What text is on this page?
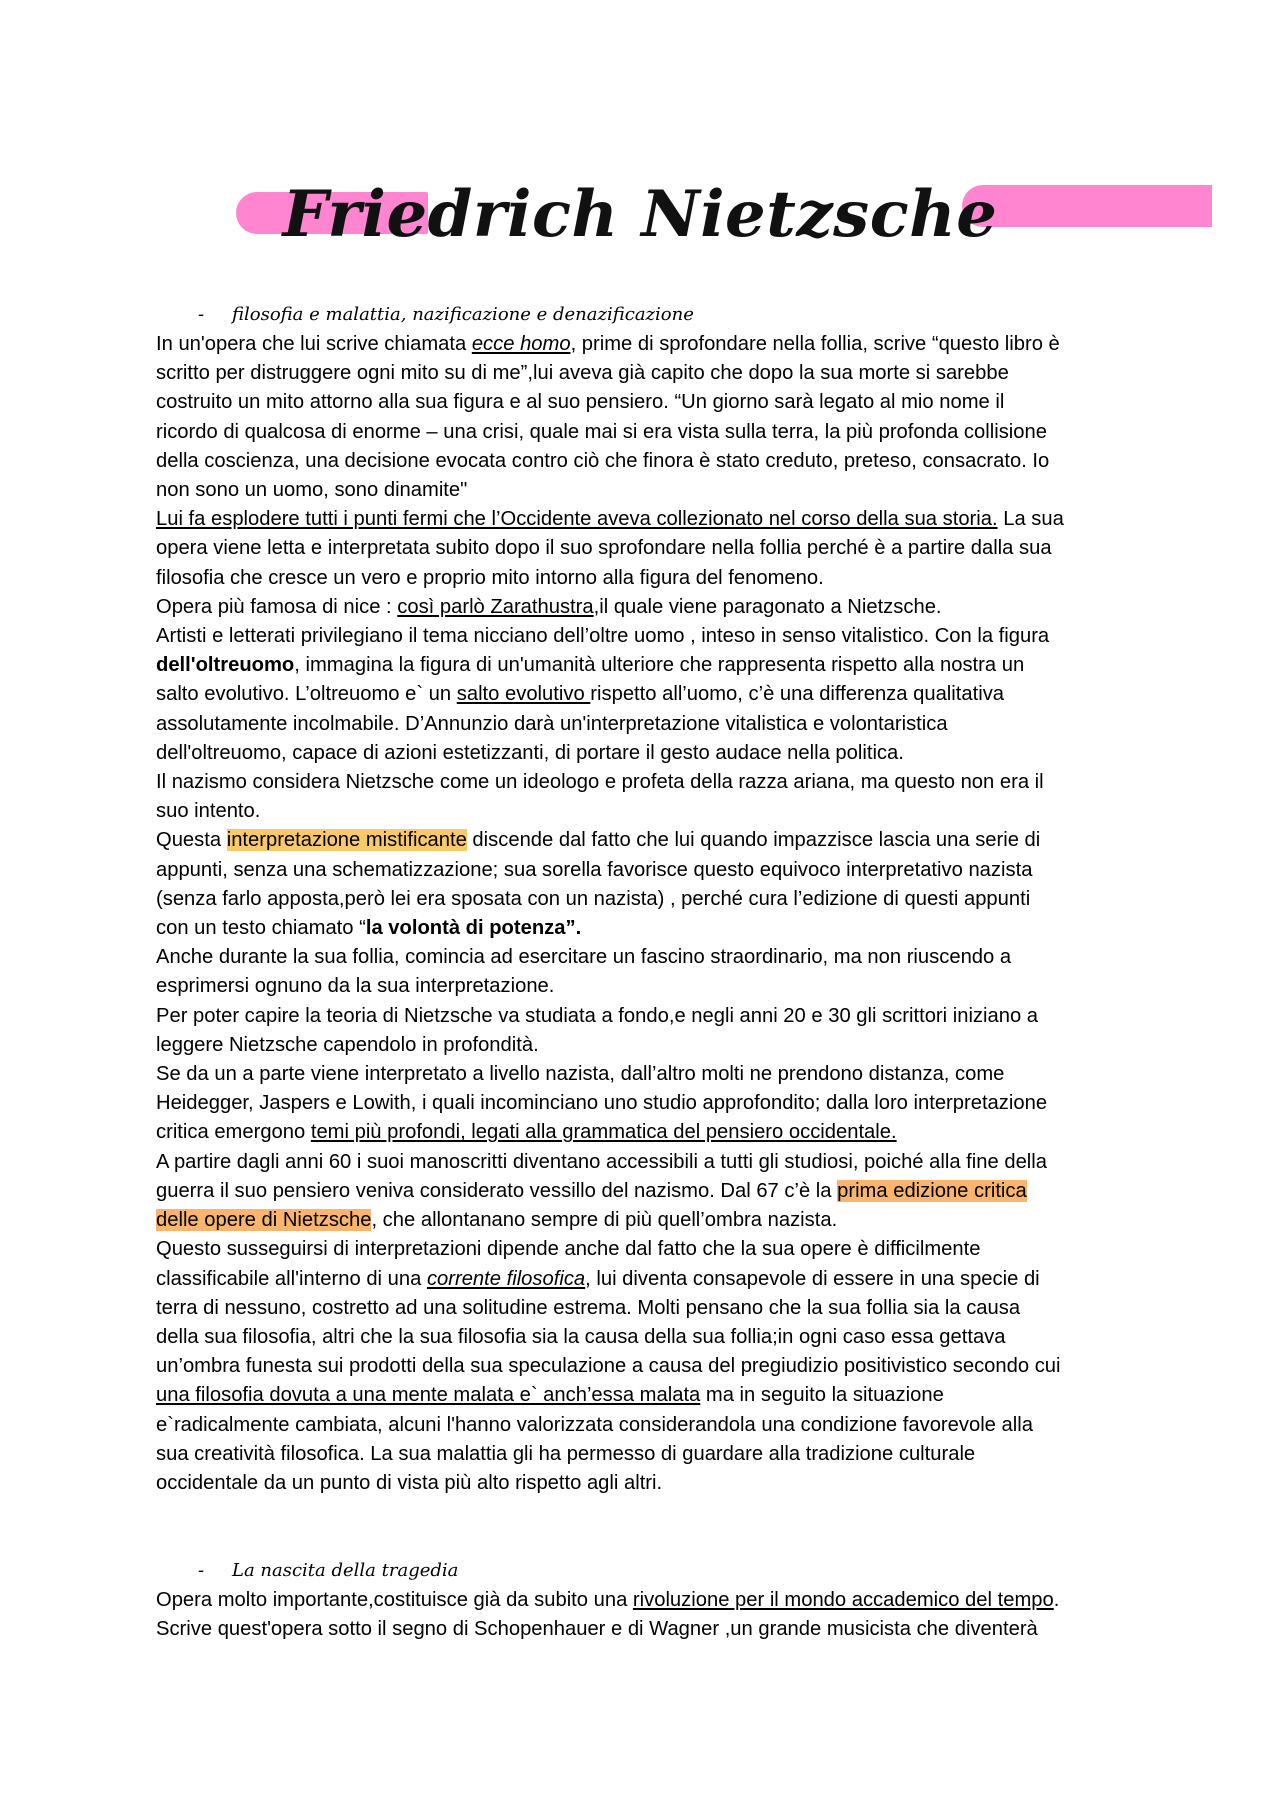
Friedrich Nietzsche
- filosofia e malattia, nazificazione e denazificazione

In un'opera che lui scrive chiamata ecce homo, prime di sprofondare nella follia, scrive “questo libro è

scritto per distruggere ogni mito su di me”,lui aveva già capito che dopo la sua morte si sarebbe

costruito un mito attorno alla sua figura e al suo pensiero. “Un giorno sarà legato al mio nome il

ricordo di qualcosa di enorme – una crisi, quale mai si era vista sulla terra, la più profonda collisione

della coscienza, una decisione evocata contro ciò che finora è stato creduto, preteso, consacrato. Io

non sono un uomo, sono dinamite"

Lui fa esplodere tutti i punti fermi che l’Occidente aveva collezionato nel corso della sua storia. La sua

opera viene letta e interpretata subito dopo il suo sprofondare nella follia perché è a partire dalla sua

filosofia che cresce un vero e proprio mito intorno alla figura del fenomeno.

Opera più famosa di nice : così parlò Zarathustra,il quale viene paragonato a Nietzsche.

Artisti e letterati privilegiano il tema nicciano dell’oltre uomo , inteso in senso vitalistico. Con la figura

dell'oltreuomo, immagina la figura di un'umanità ulteriore che rappresenta rispetto alla nostra un

salto evolutivo. L’oltreuomo e` un salto evolutivo rispetto all’uomo, c’è una differenza qualitativa

assolutamente incolmabile. D’Annunzio darà un'interpretazione vitalistica e volontaristica

dell'oltreuomo, capace di azioni estetizzanti, di portare il gesto audace nella politica.

Il nazismo considera Nietzsche come un ideologo e profeta della razza ariana, ma questo non era il

suo intento.

Questa interpretazione mistificante discende dal fatto che lui quando impazzisce lascia una serie di

appunti, senza una schematizzazione; sua sorella favorisce questo equivoco interpretativo nazista

(senza farlo apposta,però lei era sposata con un nazista) , perché cura l’edizione di questi appunti

con un testo chiamato “la volontà di potenza”.

Anche durante la sua follia, comincia ad esercitare un fascino straordinario, ma non riuscendo a

esprimersi ognuno da la sua interpretazione.

Per poter capire la teoria di Nietzsche va studiata a fondo,e negli anni 20 e 30 gli scrittori iniziano a

leggere Nietzsche capendolo in profondità.

Se da un a parte viene interpretato a livello nazista, dall’altro molti ne prendono distanza, come

Heidegger, Jaspers e Lowith, i quali incominciano uno studio approfondito; dalla loro interpretazione

critica emergono temi più profondi, legati alla grammatica del pensiero occidentale.

A partire dagli anni 60 i suoi manoscritti diventano accessibili a tutti gli studiosi, poiché alla fine della

guerra il suo pensiero veniva considerato vessillo del nazismo. Dal 67 c’è la prima edizione critica

delle opere di Nietzsche, che allontanano sempre di più quell’ombra nazista.

Questo susseguirsi di interpretazioni dipende anche dal fatto che la sua opere è difficilmente

classificabile all'interno di una corrente filosofica, lui diventa consapevole di essere in una specie di

terra di nessuno, costretto ad una solitudine estrema. Molti pensano che la sua follia sia la causa

della sua filosofia, altri che la sua filosofia sia la causa della sua follia;in ogni caso essa gettava

un’ombra funesta sui prodotti della sua speculazione a causa del pregiudizio positivistico secondo cui

una filosofia dovuta a una mente malata e` anch’essa malata ma in seguito la situazione

e`radicalmente cambiata, alcuni l'hanno valorizzata considerandola una condizione favorevole alla

sua creatività filosofica. La sua malattia gli ha permesso di guardare alla tradizione culturale

occidentale da un punto di vista più alto rispetto agli altri.

- La nascita della tragedia

Opera molto importante,costituisce già da subito una rivoluzione per il mondo accademico del tempo.

Scrive quest'opera sotto il segno di Schopenhauer e di Wagner ,un grande musicista che diventerà
